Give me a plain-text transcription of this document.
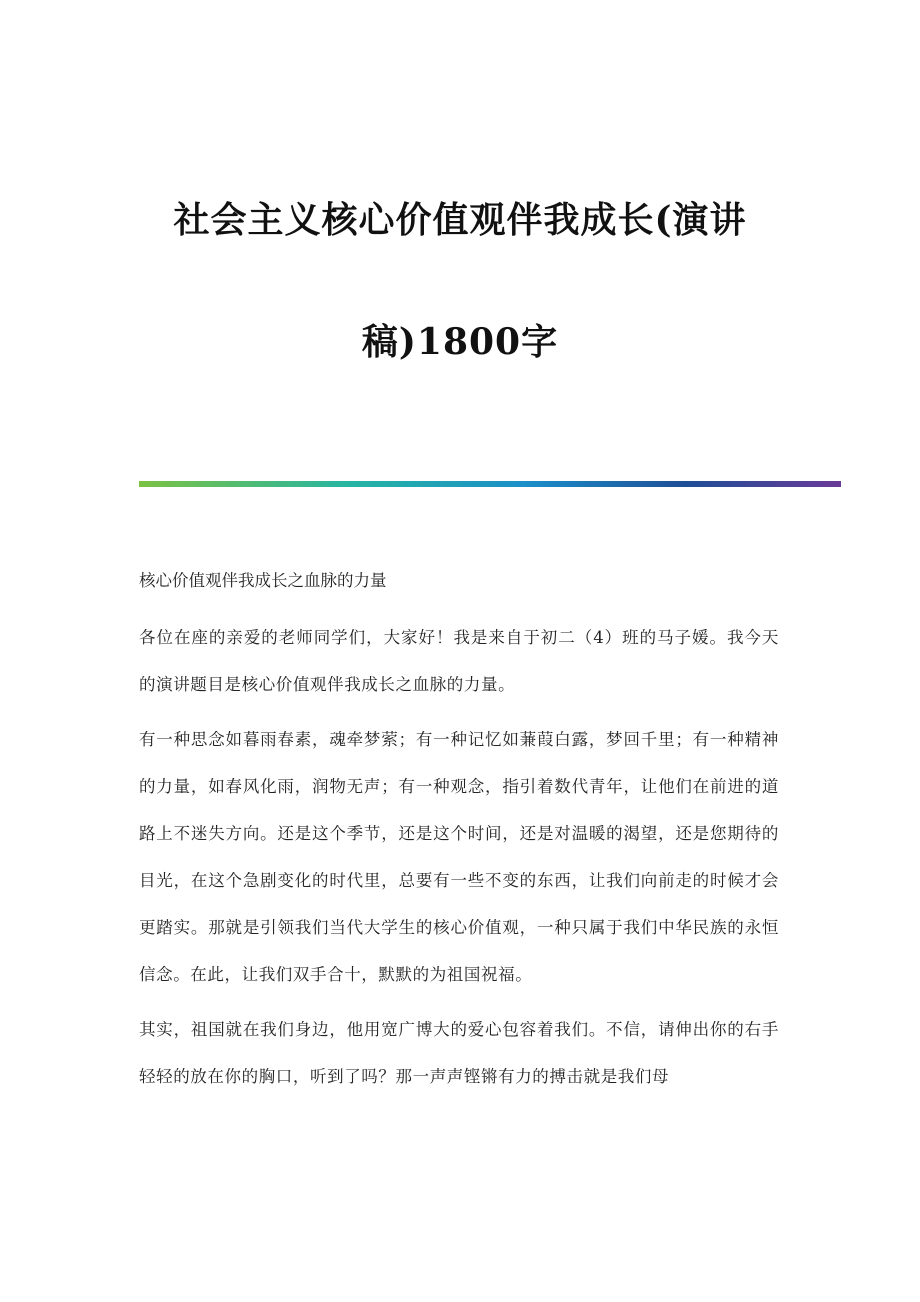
社会主义核心价值观伴我成长(演讲
稿)1800字
核心价值观伴我成长之血脉的力量

各位在座的亲爱的老师同学们，大家好！我是来自于初二（4）班的马子媛。我今天的演讲题目是核心价值观伴我成长之血脉的力量。

有一种思念如暮雨春素，魂牵梦萦；有一种记忆如蒹葭白露，梦回千里；有一种精神的力量，如春风化雨，润物无声；有一种观念，指引着数代青年，让他们在前进的道路上不迷失方向。还是这个季节，还是这个时间，还是对温暖的渴望，还是您期待的目光，在这个急剧变化的时代里，总要有一些不变的东西，让我们向前走的时候才会更踏实。那就是引领我们当代大学生的核心价值观，一种只属于我们中华民族的永恒信念。在此，让我们双手合十，默默的为祖国祝福。

其实，祖国就在我们身边，他用宽广博大的爱心包容着我们。不信，请伸出你的右手轻轻的放在你的胸口，听到了吗？那一声声铿锵有力的搏击就是我们母
